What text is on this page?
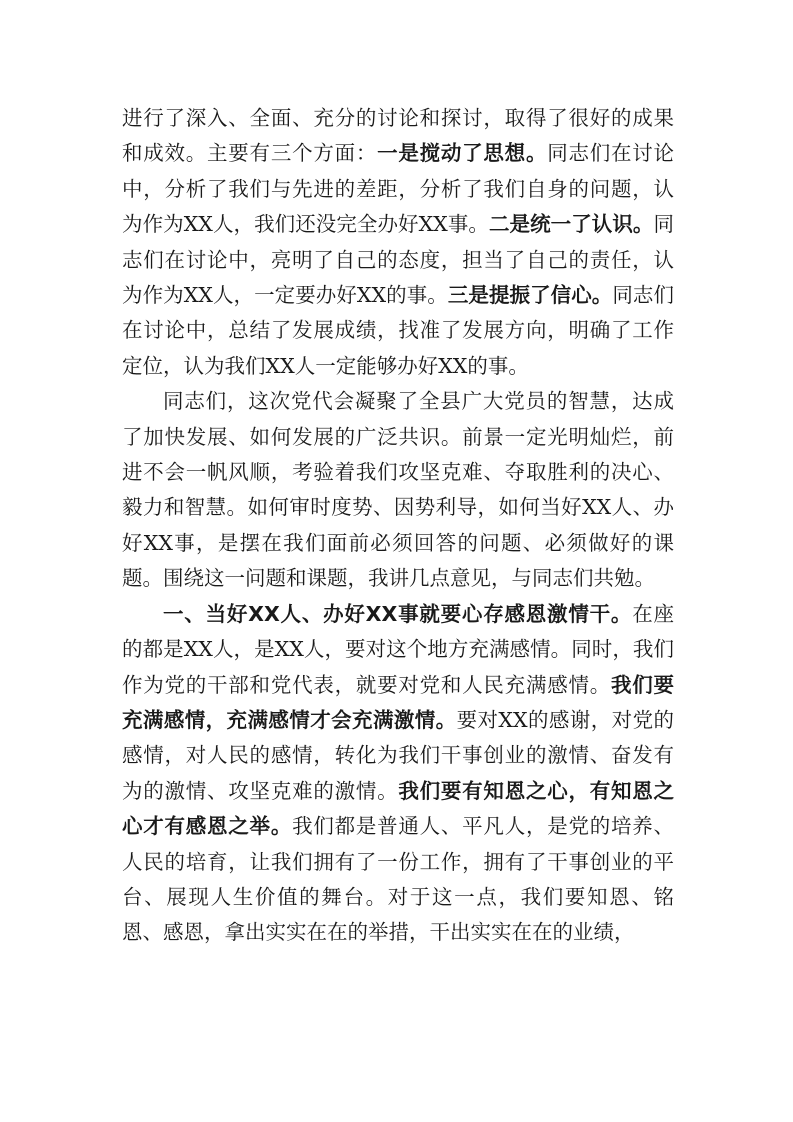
进行了深入、全面、充分的讨论和探讨，取得了很好的成果和成效。主要有三个方面：一是搅动了思想。同志们在讨论中，分析了我们与先进的差距，分析了我们自身的问题，认为作为XX人，我们还没完全办好XX事。二是统一了认识。同志们在讨论中，亮明了自己的态度，担当了自己的责任，认为作为XX人，一定要办好XX的事。三是提振了信心。同志们在讨论中，总结了发展成绩，找准了发展方向，明确了工作定位，认为我们XX人一定能够办好XX的事。

同志们，这次党代会凝聚了全县广大党员的智慧，达成了加快发展、如何发展的广泛共识。前景一定光明灿烂，前进不会一帆风顺，考验着我们攻坚克难、夺取胜利的决心、毅力和智慧。如何审时度势、因势利导，如何当好XX人、办好XX事，是摆在我们面前必须回答的问题、必须做好的课题。围绕这一问题和课题，我讲几点意见，与同志们共勉。

一、当好XX人、办好XX事就要心存感恩激情干。在座的都是XX人，是XX人，要对这个地方充满感情。同时，我们作为党的干部和党代表，就要对党和人民充满感情。我们要充满感情，充满感情才会充满激情。要对XX的感谢，对党的感情，对人民的感情，转化为我们干事创业的激情、奋发有为的激情、攻坚克难的激情。我们要有知恩之心，有知恩之心才有感恩之举。我们都是普通人、平凡人，是党的培养、人民的培育，让我们拥有了一份工作，拥有了干事创业的平台、展现人生价值的舞台。对于这一点，我们要知恩、铭恩、感恩，拿出实实在在的举措，干出实实在在的业绩，
